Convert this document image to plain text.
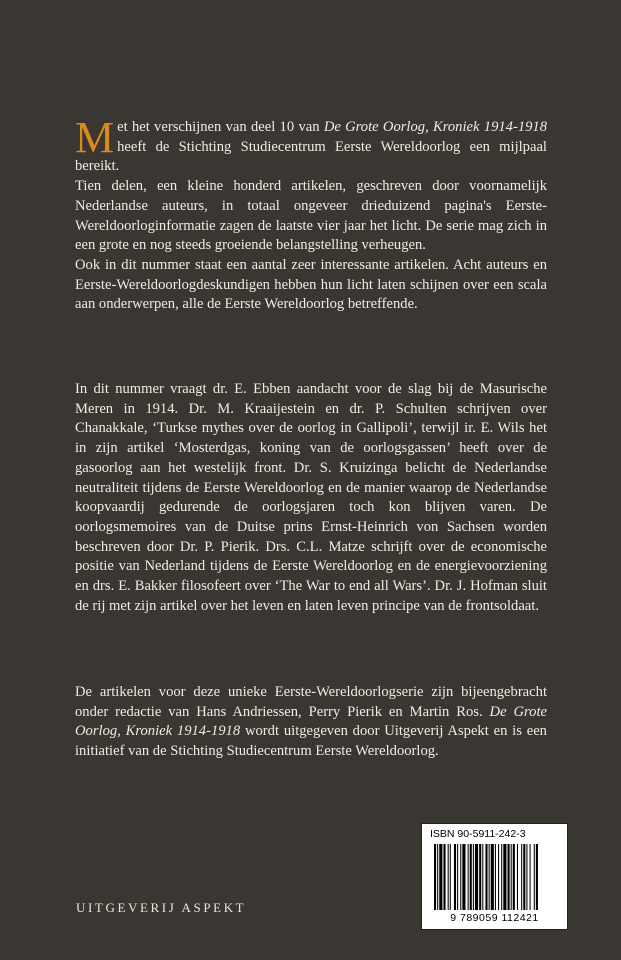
Met het verschijnen van deel 10 van De Grote Oorlog, Kroniek 1914-1918 heeft de Stichting Studiecentrum Eerste Wereldoorlog een mijlpaal bereikt.

Tien delen, een kleine honderd artikelen, geschreven door voornamelijk Nederlandse auteurs, in totaal ongeveer drieduizend pagina's Eerste-Wereldoorloginformatie zagen de laatste vier jaar het licht. De serie mag zich in een grote en nog steeds groeiende belangstelling verheugen.

Ook in dit nummer staat een aantal zeer interessante artikelen. Acht auteurs en Eerste-Wereldoorlogdeskundigen hebben hun licht laten schijnen over een scala aan onderwerpen, alle de Eerste Wereldoorlog betreffende.

In dit nummer vraagt dr. E. Ebben aandacht voor de slag bij de Masurische Meren in 1914. Dr. M. Kraaijestein en dr. P. Schulten schrijven over Chanakkale, ‘Turkse mythes over de oorlog in Gallipoli’, terwijl ir. E. Wils het in zijn artikel ‘Mosterdgas, koning van de oorlogsgassen’ heeft over de gasoorlog aan het westelijk front. Dr. S. Kruizinga belicht de Nederlandse neutraliteit tijdens de Eerste Wereldoorlog en de manier waarop de Nederlandse koopvaardij gedurende de oorlogsjaren toch kon blijven varen. De oorlogsmemoires van de Duitse prins Ernst-Heinrich von Sachsen worden beschreven door Dr. P. Pierik. Drs. C.L. Matze schrijft over de economische positie van Nederland tijdens de Eerste Wereldoorlog en de energievoorziening en drs. E. Bakker filosofeert over ‘The War to end all Wars’. Dr. J. Hofman sluit de rij met zijn artikel over het leven en laten leven principe van de frontsoldaat.

De artikelen voor deze unieke Eerste-Wereldoorlogserie zijn bijeengebracht onder redactie van Hans Andriessen, Perry Pierik en Martin Ros. De Grote Oorlog, Kroniek 1914-1918 wordt uitgegeven door Uitgeverij Aspekt en is een initiatief van de Stichting Studiecentrum Eerste Wereldoorlog.

UITGEVERIJ ASPEKT
ISBN 90-5911-242-3
9 789059 112421
